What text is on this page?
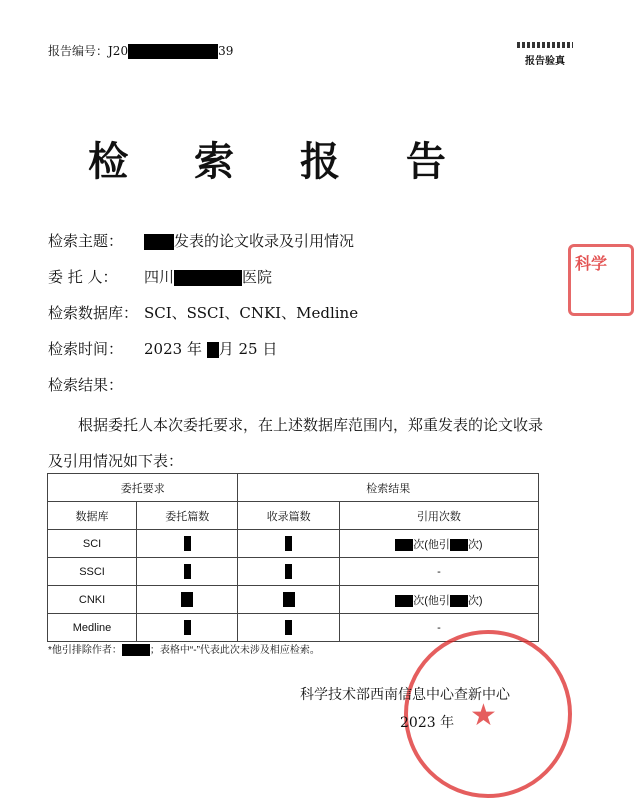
报告编号：J20	39
报告验真
检 索 报 告
检索主题：	发表的论文收录及引用情况
委 托 人： 四川	医院
检索数据库： SCI、SSCI、CNKI、Medline
检索时间： 2023 年 月 25 日
检索结果：
根据委托人本次委托要求，在上述数据库范围内，郑重发表的论文收录及引用情况如下表：
委托要求		检索结果	
数据库	委托篇数	收录篇数	引用次数
SCI			次(他引 次)
SSCI			-
CNKI			次(他引 次)
Medline			-
*他引排除作者：	；表格中“-”代表此次未涉及相应检索。
★
科学
科学技术部西南信息中心查新中心
2023 年
